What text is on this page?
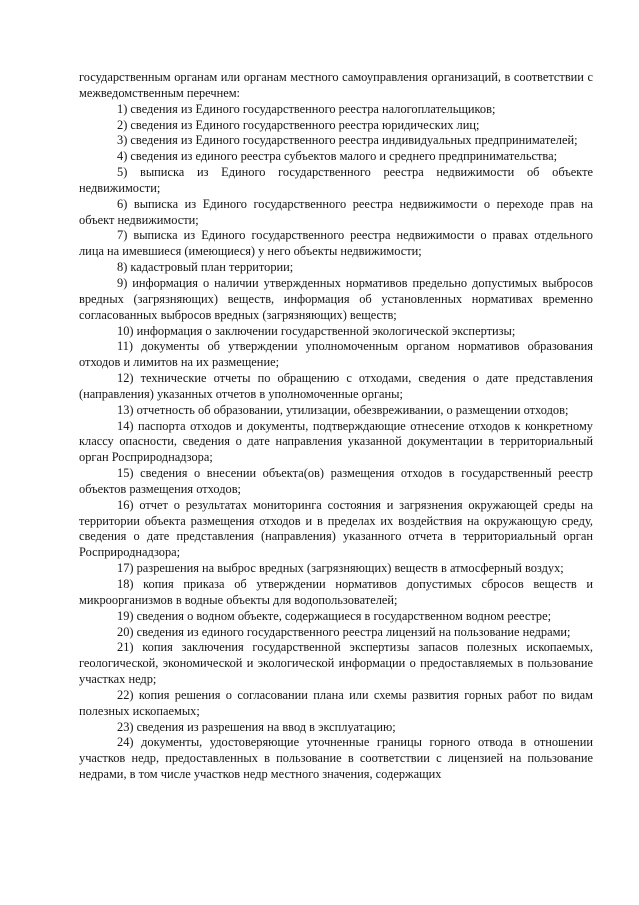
государственным органам или органам местного самоуправления организаций, в соответствии с межведомственным перечнем:

1) сведения из Единого государственного реестра налогоплательщиков;

2) сведения из Единого государственного реестра юридических лиц;

3) сведения из Единого государственного реестра индивидуальных предпринимателей;

4) сведения из единого реестра субъектов малого и среднего предпринимательства;

5) выписка из Единого государственного реестра недвижимости об объекте недвижимости;

6) выписка из Единого государственного реестра недвижимости о переходе прав на объект недвижимости;

7) выписка из Единого государственного реестра недвижимости о правах отдельного лица на имевшиеся (имеющиеся) у него объекты недвижимости;

8) кадастровый план территории;

9) информация о наличии утвержденных нормативов предельно допустимых выбросов вредных (загрязняющих) веществ, информация об установленных нормативах временно согласованных выбросов вредных (загрязняющих) веществ;

10) информация о заключении государственной экологической экспертизы;

11) документы об утверждении уполномоченным органом нормативов образования отходов и лимитов на их размещение;

12) технические отчеты по обращению с отходами, сведения о дате представления (направления) указанных отчетов в уполномоченные органы;

13) отчетность об образовании, утилизации, обезвреживании, о размещении отходов;

14) паспорта отходов и документы, подтверждающие отнесение отходов к конкретному классу опасности, сведения о дате направления указанной документации в территориальный орган Росприроднадзора;

15) сведения о внесении объекта(ов) размещения отходов в государственный реестр объектов размещения отходов;

16) отчет о результатах мониторинга состояния и загрязнения окружающей среды на территории объекта размещения отходов и в пределах их воздействия на окружающую среду, сведения о дате представления (направления) указанного отчета в территориальный орган Росприроднадзора;

17) разрешения на выброс вредных (загрязняющих) веществ в атмосферный воздух;

18) копия приказа об утверждении нормативов допустимых сбросов веществ и микроорганизмов в водные объекты для водопользователей;

19) сведения о водном объекте, содержащиеся в государственном водном реестре;

20) сведения из единого государственного реестра лицензий на пользование недрами;

21) копия заключения государственной экспертизы запасов полезных ископаемых, геологической, экономической и экологической информации о предоставляемых в пользование участках недр;

22) копия решения о согласовании плана или схемы развития горных работ по видам полезных ископаемых;

23) сведения из разрешения на ввод в эксплуатацию;

24) документы, удостоверяющие уточненные границы горного отвода в отношении участков недр, предоставленных в пользование в соответствии с лицензией на пользование недрами, в том числе участков недр местного значения, содержащих
